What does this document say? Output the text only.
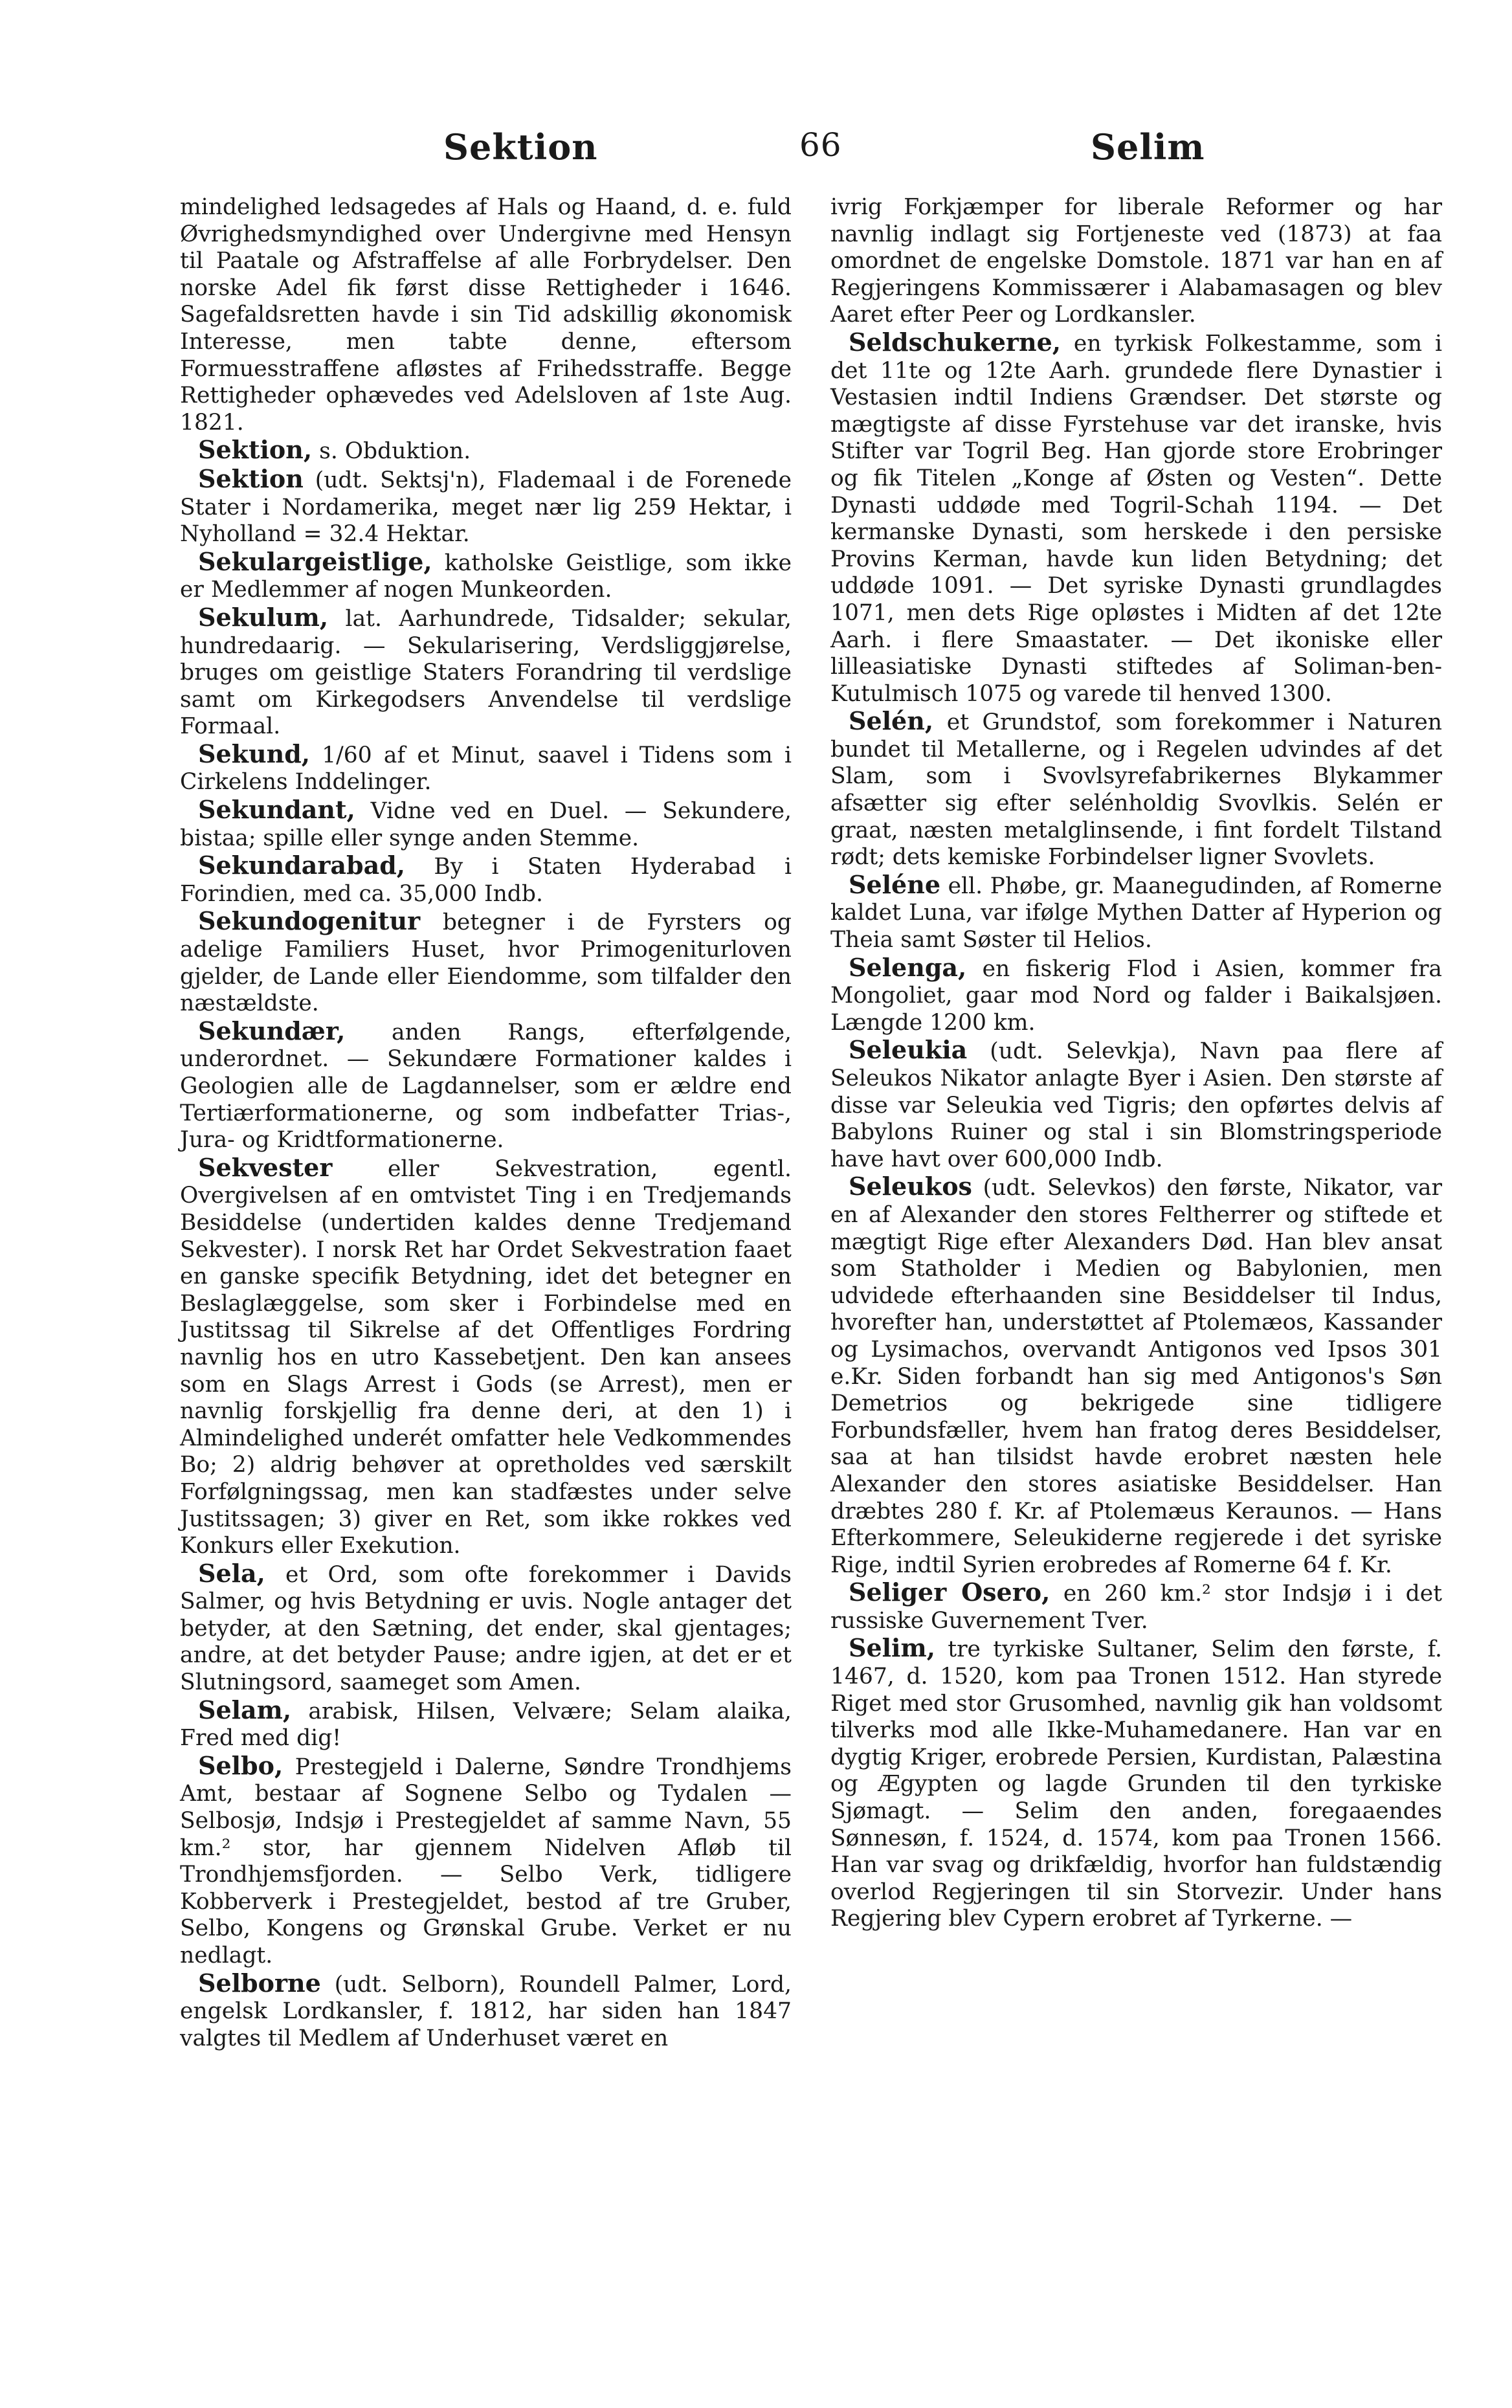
Sektion	66	Selim

mindelighed ledsagedes af Hals og Haand, d. e. fuld Øvrighedsmyndighed over Undergivne med Hensyn til Paatale og Afstraffelse af alle Forbrydelser. Den norske Adel fik først disse Rettigheder i 1646. Sagefaldsretten havde i sin Tid adskillig økonomisk Interesse, men tabte denne, eftersom Formuesstraffene afløstes af Frihedsstraffe. Begge Rettigheder ophævedes ved Adelsloven af 1ste Aug. 1821.

Sektion, s. Obduktion.

Sektion (udt. Sektsj'n), Flademaal i de Forenede Stater i Nordamerika, meget nær lig 259 Hektar, i Nyholland = 32.4 Hektar.

Sekulargeistlige, katholske Geistlige, som ikke er Medlemmer af nogen Munkeorden.

Sekulum, lat. Aarhundrede, Tidsalder; sekular, hundredaarig. — Sekularisering, Verdsliggjørelse, bruges om geistlige Staters Forandring til verdslige samt om Kirkegodsers Anvendelse til verdslige Formaal.

Sekund, 1/60 af et Minut, saavel i Tidens som i Cirkelens Inddelinger.

Sekundant, Vidne ved en Duel. — Sekundere, bistaa; spille eller synge anden Stemme.

Sekundarabad, By i Staten Hyderabad i Forindien, med ca. 35,000 Indb.

Sekundogenitur betegner i de Fyrsters og adelige Familiers Huset, hvor Primogeniturloven gjelder, de Lande eller Eiendomme, som tilfalder den næstældste.

Sekundær, anden Rangs, efterfølgende, underordnet. — Sekundære Formationer kaldes i Geologien alle de Lagdannelser, som er ældre end Tertiærformationerne, og som indbefatter Trias-, Jura- og Kridtformationerne.

Sekvester eller Sekvestration, egentl. Overgivelsen af en omtvistet Ting i en Tredjemands Besiddelse (undertiden kaldes denne Tredjemand Sekvester). I norsk Ret har Ordet Sekvestration faaet en ganske specifik Betydning, idet det betegner en Beslaglæggelse, som sker i Forbindelse med en Justitssag til Sikrelse af det Offentliges Fordring navnlig hos en utro Kassebetjent. Den kan ansees som en Slags Arrest i Gods (se Arrest), men er navnlig forskjellig fra denne deri, at den 1) i Almindelighed underét omfatter hele Vedkommendes Bo; 2) aldrig behøver at opretholdes ved særskilt Forfølgningssag, men kan stadfæstes under selve Justitssagen; 3) giver en Ret, som ikke rokkes ved Konkurs eller Exekution.

Sela, et Ord, som ofte forekommer i Davids Salmer, og hvis Betydning er uvis. Nogle antager det betyder, at den Sætning, det ender, skal gjentages; andre, at det betyder Pause; andre igjen, at det er et Slutningsord, saameget som Amen.

Selam, arabisk, Hilsen, Velvære; Selam alaika, Fred med dig!

Selbo, Prestegjeld i Dalerne, Søndre Trondhjems Amt, bestaar af Sognene Selbo og Tydalen — Selbosjø, Indsjø i Prestegjeldet af samme Navn, 55 km.² stor, har gjennem Nidelven Afløb til Trondhjemsfjorden. — Selbo Verk, tidligere Kobberverk i Prestegjeldet, bestod af tre Gruber, Selbo, Kongens og Grønskal Grube. Verket er nu nedlagt.

Selborne (udt. Selborn), Roundell Palmer, Lord, engelsk Lordkansler, f. 1812, har siden han 1847 valgtes til Medlem af Underhuset været en

ivrig Forkjæmper for liberale Reformer og har navnlig indlagt sig Fortjeneste ved (1873) at faa omordnet de engelske Domstole. 1871 var han en af Regjeringens Kommissærer i Alabamasagen og blev Aaret efter Peer og Lordkansler.

Seldschukerne, en tyrkisk Folkestamme, som i det 11te og 12te Aarh. grundede flere Dynastier i Vestasien indtil Indiens Grændser. Det største og mægtigste af disse Fyrstehuse var det iranske, hvis Stifter var Togril Beg. Han gjorde store Erobringer og fik Titelen „Konge af Østen og Vesten“. Dette Dynasti uddøde med Togril-Schah 1194. — Det kermanske Dynasti, som herskede i den persiske Provins Kerman, havde kun liden Betydning; det uddøde 1091. — Det syriske Dynasti grundlagdes 1071, men dets Rige opløstes i Midten af det 12te Aarh. i flere Smaastater. — Det ikoniske eller lilleasiatiske Dynasti stiftedes af Soliman-ben-Kutulmisch 1075 og varede til henved 1300.

Selén, et Grundstof, som forekommer i Naturen bundet til Metallerne, og i Regelen udvindes af det Slam, som i Svovlsyrefabrikernes Blykammer afsætter sig efter selénholdig Svovlkis. Selén er graat, næsten metalglinsende, i fint fordelt Tilstand rødt; dets kemiske Forbindelser ligner Svovlets.

Seléne ell. Phøbe, gr. Maanegudinden, af Romerne kaldet Luna, var ifølge Mythen Datter af Hyperion og Theia samt Søster til Helios.

Selenga, en fiskerig Flod i Asien, kommer fra Mongoliet, gaar mod Nord og falder i Baikalsjøen. Længde 1200 km.

Seleukia (udt. Selevkja), Navn paa flere af Seleukos Nikator anlagte Byer i Asien. Den største af disse var Seleukia ved Tigris; den opførtes delvis af Babylons Ruiner og stal i sin Blomstringsperiode have havt over 600,000 Indb.

Seleukos (udt. Selevkos) den første, Nikator, var en af Alexander den stores Feltherrer og stiftede et mægtigt Rige efter Alexanders Død. Han blev ansat som Statholder i Medien og Babylonien, men udvidede efterhaanden sine Besiddelser til Indus, hvorefter han, understøttet af Ptolemæos, Kassander og Lysimachos, overvandt Antigonos ved Ipsos 301 e.Kr. Siden forbandt han sig med Antigonos's Søn Demetrios og bekrigede sine tidligere Forbundsfæller, hvem han fratog deres Besiddelser, saa at han tilsidst havde erobret næsten hele Alexander den stores asiatiske Besiddelser. Han dræbtes 280 f. Kr. af Ptolemæus Keraunos. — Hans Efterkommere, Seleukiderne regjerede i det syriske Rige, indtil Syrien erobredes af Romerne 64 f. Kr.

Seliger Osero, en 260 km.² stor Indsjø i i det russiske Guvernement Tver.

Selim, tre tyrkiske Sultaner, Selim den første, f. 1467, d. 1520, kom paa Tronen 1512. Han styrede Riget med stor Grusomhed, navnlig gik han voldsomt tilverks mod alle Ikke-Muhamedanere. Han var en dygtig Kriger, erobrede Persien, Kurdistan, Palæstina og Ægypten og lagde Grunden til den tyrkiske Sjømagt. — Selim den anden, foregaaendes Sønnesøn, f. 1524, d. 1574, kom paa Tronen 1566. Han var svag og drikfældig, hvorfor han fuldstændig overlod Regjeringen til sin Storvezir. Under hans Regjering blev Cypern erobret af Tyrkerne. —
